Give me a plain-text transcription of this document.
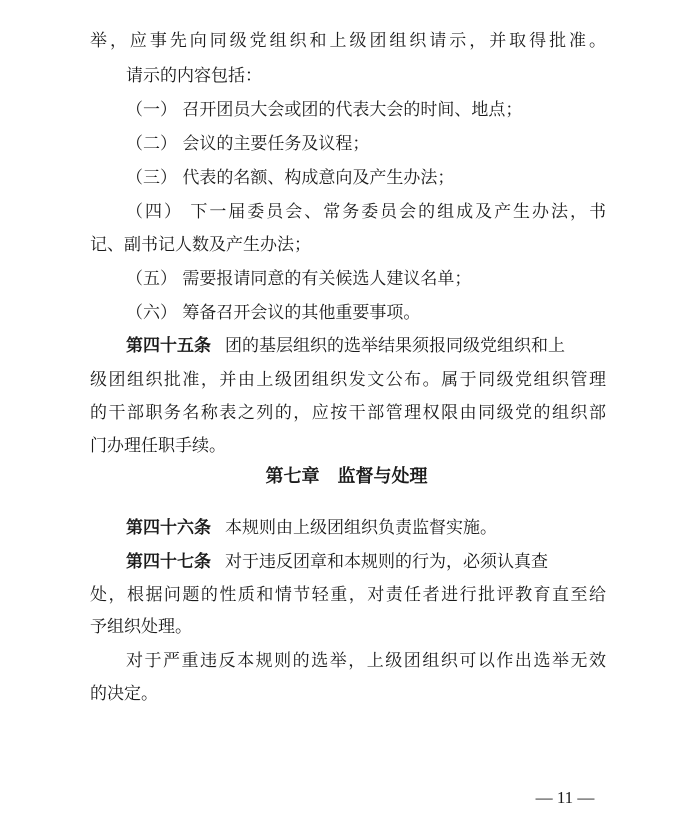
举，应事先向同级党组织和上级团组织请示，并取得批准。
请示的内容包括：
（一） 召开团员大会或团的代表大会的时间、地点；
（二） 会议的主要任务及议程；
（三） 代表的名额、构成意向及产生办法；
（四） 下一届委员会、常务委员会的组成及产生办法，书
记、副书记人数及产生办法；
（五） 需要报请同意的有关候选人建议名单；
（六） 筹备召开会议的其他重要事项。
第四十五条 团的基层组织的选举结果须报同级党组织和上
级团组织批准，并由上级团组织发文公布。属于同级党组织管理
的干部职务名称表之列的，应按干部管理权限由同级党的组织部
门办理任职手续。
第七章　监督与处理
第四十六条 本规则由上级团组织负责监督实施。
第四十七条 对于违反团章和本规则的行为，必须认真查
处，根据问题的性质和情节轻重，对责任者进行批评教育直至给
予组织处理。
对于严重违反本规则的选举，上级团组织可以作出选举无效
的决定。
— 11 —
